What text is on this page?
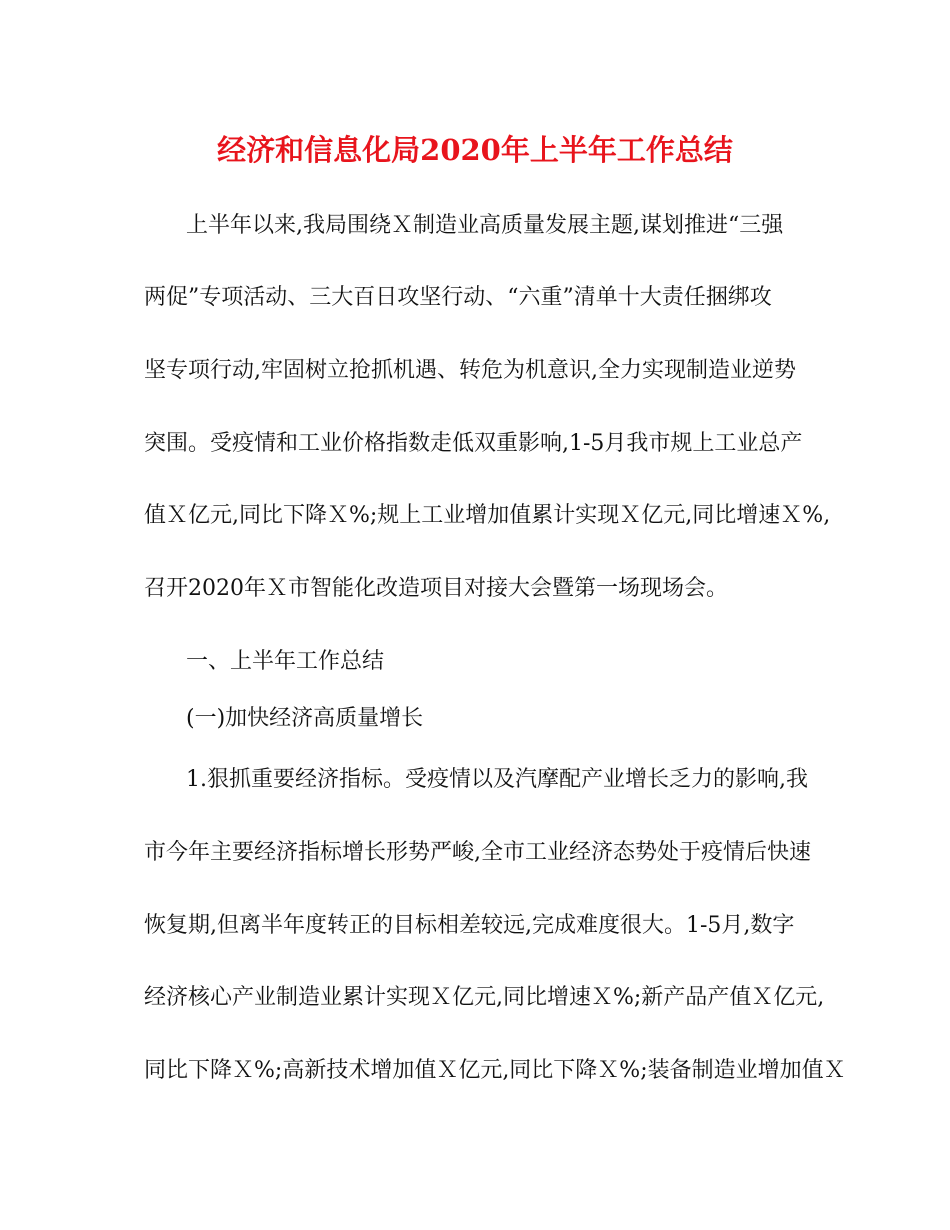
经济和信息化局2020年上半年工作总结

上半年以来,我局围绕Ｘ制造业高质量发展主题,谋划推进“三强

两促”专项活动、三大百日攻坚行动、“六重”清单十大责任捆绑攻

坚专项行动,牢固树立抢抓机遇、转危为机意识,全力实现制造业逆势

突围。受疫情和工业价格指数走低双重影响,1-5月我市规上工业总产

值Ｘ亿元,同比下降Ｘ%;规上工业增加值累计实现Ｘ亿元,同比增速Ｘ%,

召开2020年Ｘ市智能化改造项目对接大会暨第一场现场会。

一、上半年工作总结

(一)加快经济高质量增长

1.狠抓重要经济指标。受疫情以及汽摩配产业增长乏力的影响,我

市今年主要经济指标增长形势严峻,全市工业经济态势处于疫情后快速

恢复期,但离半年度转正的目标相差较远,完成难度很大。1-5月,数字

经济核心产业制造业累计实现Ｘ亿元,同比增速Ｘ%;新产品产值Ｘ亿元,

同比下降Ｘ%;高新技术增加值Ｘ亿元,同比下降Ｘ%;装备制造业增加值Ｘ
